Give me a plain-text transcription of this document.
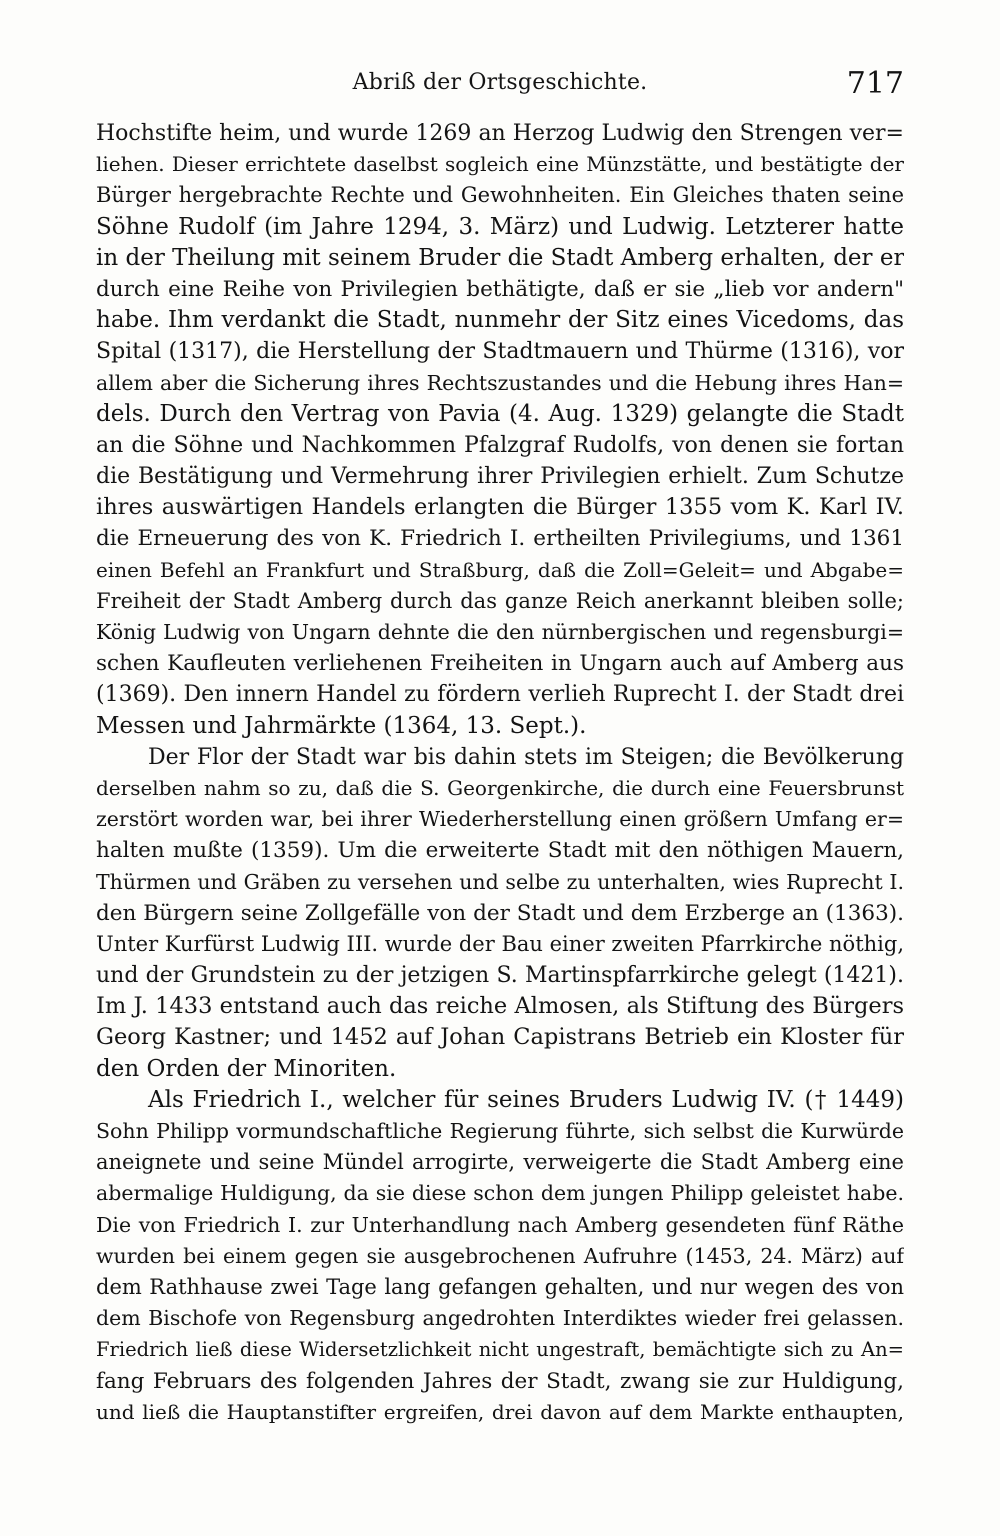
Abriß der Ortsgeschichte.	717
Hochstifte heim, und wurde 1269 an Herzog Ludwig den Strengen ver=
liehen. Dieser errichtete daselbst sogleich eine Münzstätte, und bestätigte der
Bürger hergebrachte Rechte und Gewohnheiten. Ein Gleiches thaten seine
Söhne Rudolf (im Jahre 1294, 3. März) und Ludwig. Letzterer hatte
in der Theilung mit seinem Bruder die Stadt Amberg erhalten, der er
durch eine Reihe von Privilegien bethätigte, daß er sie „lieb vor andern"
habe. Ihm verdankt die Stadt, nunmehr der Sitz eines Vicedoms, das
Spital (1317), die Herstellung der Stadtmauern und Thürme (1316), vor
allem aber die Sicherung ihres Rechtszustandes und die Hebung ihres Han=
dels. Durch den Vertrag von Pavia (4. Aug. 1329) gelangte die Stadt
an die Söhne und Nachkommen Pfalzgraf Rudolfs, von denen sie fortan
die Bestätigung und Vermehrung ihrer Privilegien erhielt. Zum Schutze
ihres auswärtigen Handels erlangten die Bürger 1355 vom K. Karl IV.
die Erneuerung des von K. Friedrich I. ertheilten Privilegiums, und 1361
einen Befehl an Frankfurt und Straßburg, daß die Zoll=Geleit= und Abgabe=
Freiheit der Stadt Amberg durch das ganze Reich anerkannt bleiben solle;
König Ludwig von Ungarn dehnte die den nürnbergischen und regensburgi=
schen Kaufleuten verliehenen Freiheiten in Ungarn auch auf Amberg aus
(1369). Den innern Handel zu fördern verlieh Ruprecht I. der Stadt drei
Messen und Jahrmärkte (1364, 13. Sept.).
Der Flor der Stadt war bis dahin stets im Steigen; die Bevölkerung
derselben nahm so zu, daß die S. Georgenkirche, die durch eine Feuersbrunst
zerstört worden war, bei ihrer Wiederherstellung einen größern Umfang er=
halten mußte (1359). Um die erweiterte Stadt mit den nöthigen Mauern,
Thürmen und Gräben zu versehen und selbe zu unterhalten, wies Ruprecht I.
den Bürgern seine Zollgefälle von der Stadt und dem Erzberge an (1363).
Unter Kurfürst Ludwig III. wurde der Bau einer zweiten Pfarrkirche nöthig,
und der Grundstein zu der jetzigen S. Martinspfarrkirche gelegt (1421).
Im J. 1433 entstand auch das reiche Almosen, als Stiftung des Bürgers
Georg Kastner; und 1452 auf Johan Capistrans Betrieb ein Kloster für
den Orden der Minoriten.
Als Friedrich I., welcher für seines Bruders Ludwig IV. († 1449)
Sohn Philipp vormundschaftliche Regierung führte, sich selbst die Kurwürde
aneignete und seine Mündel arrogirte, verweigerte die Stadt Amberg eine
abermalige Huldigung, da sie diese schon dem jungen Philipp geleistet habe.
Die von Friedrich I. zur Unterhandlung nach Amberg gesendeten fünf Räthe
wurden bei einem gegen sie ausgebrochenen Aufruhre (1453, 24. März) auf
dem Rathhause zwei Tage lang gefangen gehalten, und nur wegen des von
dem Bischofe von Regensburg angedrohten Interdiktes wieder frei gelassen.
Friedrich ließ diese Widersetzlichkeit nicht ungestraft, bemächtigte sich zu An=
fang Februars des folgenden Jahres der Stadt, zwang sie zur Huldigung,
und ließ die Hauptanstifter ergreifen, drei davon auf dem Markte enthaupten,
